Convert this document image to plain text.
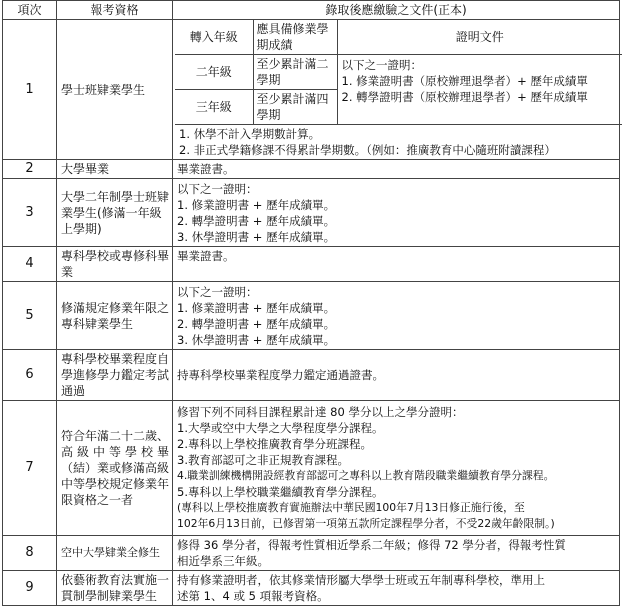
項次	報考資格	錄取後應繳驗之文件(正本)
1	學士班肄業學生	
轉入年級	應具備修業學期成績	證明文件
二年級	至少累計滿二學期	
以下之一證明：
1. 修業證明書（原校辦理退學者）+ 歷年成績單
2. 轉學證明書（原校辦理退學者）+ 歷年成績單

三年級	至少累計滿四學期

1. 休學不計入學期數計算。
2. 非正式學籍修課不得累計學期數。（例如：推廣教育中心隨班附讀課程）

2	大學畢業	畢業證書。

3	大學二年制學士班肄業學生(修滿一年級上學期)	
以下之一證明：
1. 修業證明書 + 歷年成績單。
2. 轉學證明書 + 歷年成績單。
3. 休學證明書 + 歷年成績單。

4	專科學校或專修科畢業	
畢業證書。

5	修滿規定修業年限之專科肄業學生	
以下之一證明：
1. 修業證明書 + 歷年成績單。
2. 轉學證明書 + 歷年成績單。
3. 休學證明書 + 歷年成績單。

6	專科學校畢業程度自學進修學力鑑定考試通過	
持專科學校畢業程度學力鑑定通過證書。

7	符合年滿二十二歲、高級中等學校畢（結）業或修滿高級中等學校規定修業年限資格之一者	
修習下列不同科目課程累計達 80 學分以上之學分證明：
1.大學或空中大學之大學程度學分課程。
2.專科以上學校推廣教育學分班課程。
3.教育部認可之非正規教育課程。
4.職業訓練機構開設經教育部認可之專科以上教育階段職業繼續教育學分課程。
5.專科以上學校職業繼續教育學分課程。
(專科以上學校推廣教育實施辦法中華民國100年7月13日修正施行後，至
102年6月13日前，已修習第一項第五款所定課程學分者，不受22歲年齡限制。)

8	空中大學肄業全修生	
修得 36 學分者，得報考性質相近學系二年級；修得 72 學分者，得報考性質
相近學系三年級。

9	依藝術教育法實施一貫制學制肄業學生	
持有修業證明者，依其修業情形屬大學學士班或五年制專科學校，準用上
述第 1、4 或 5 項報考資格。
